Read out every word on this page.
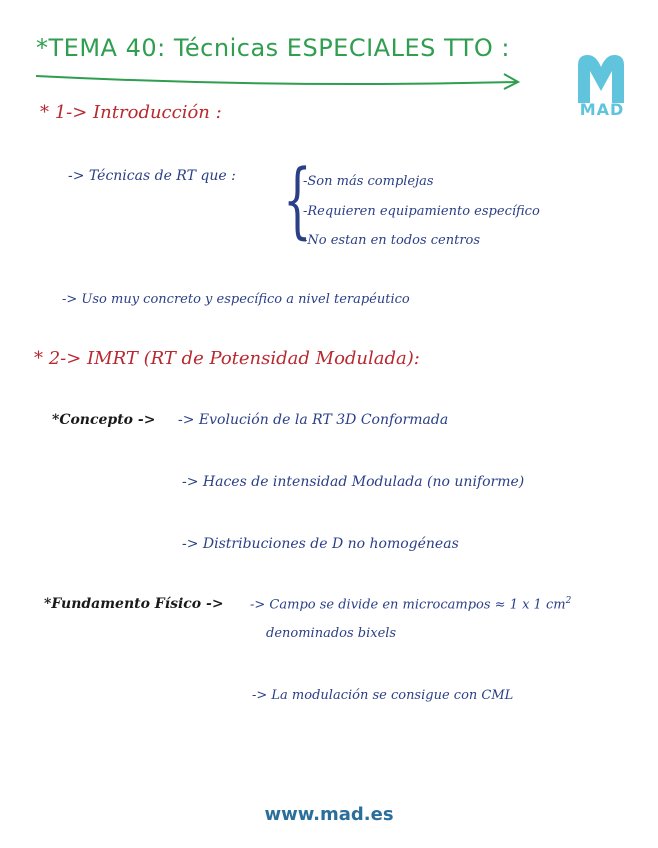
*TEMA 40: Técnicas ESPECIALES TTO :
MAD
* 1-> Introducción :
-> Técnicas de RT que : {
-Son más complejas
-Requieren equipamiento específico
-No estan en todos centros
-> Uso muy concreto y específico a nivel terapéutico
* 2-> IMRT (RT de Potensidad Modulada):
*Concepto -> -> Evolución de la RT 3D Conformada
-> Haces de intensidad Modulada (no uniforme)
-> Distribuciones de D no homogéneas
*Fundamento Físico -> -> Campo se divide en microcampos ≈ 1 x 1 $cm^2$
denominados bixels
-> La modulación se consigue con CML
www.mad.es
